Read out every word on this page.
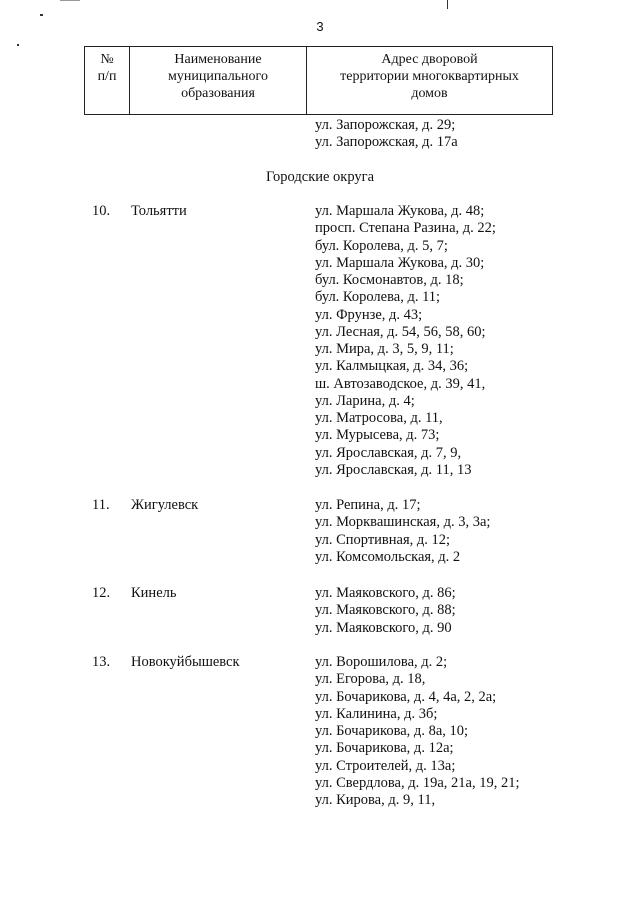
3
№
п/п

Наименование
муниципального
образования

Адрес дворовой
территории многоквартирных
домов
ул. Запорожская, д. 29;
ул. Запорожская, д. 17а
Городские округа
10. Тольятти	ул. Маршала Жукова, д. 48;
просп. Степана Разина, д. 22;
бул. Королева, д. 5, 7;
ул. Маршала Жукова, д. 30;
бул. Космонавтов, д. 18;
бул. Королева, д. 11;
ул. Фрунзе, д. 43;
ул. Лесная, д. 54, 56, 58, 60;
ул. Мира, д. 3, 5, 9, 11;
ул. Калмыцкая, д. 34, 36;
ш. Автозаводское, д. 39, 41,
ул. Ларина, д. 4;
ул. Матросова, д. 11,
ул. Мурысева, д. 73;
ул. Ярославская, д. 7, 9,
ул. Ярославская, д. 11, 13
11. Жигулевск	ул. Репина, д. 17;
ул. Морквашинская, д. 3, 3а;
ул. Спортивная, д. 12;
ул. Комсомольская, д. 2
12. Кинель	ул. Маяковского, д. 86;
ул. Маяковского, д. 88;
ул. Маяковского, д. 90
13. Новокуйбышевск	ул. Ворошилова, д. 2;
ул. Егорова, д. 18,
ул. Бочарикова, д. 4, 4а, 2, 2а;
ул. Калинина, д. 3б;
ул. Бочарикова, д. 8а, 10;
ул. Бочарикова, д. 12а;
ул. Строителей, д. 13а;
ул. Свердлова, д. 19а, 21а, 19, 21;
ул. Кирова, д. 9, 11,
